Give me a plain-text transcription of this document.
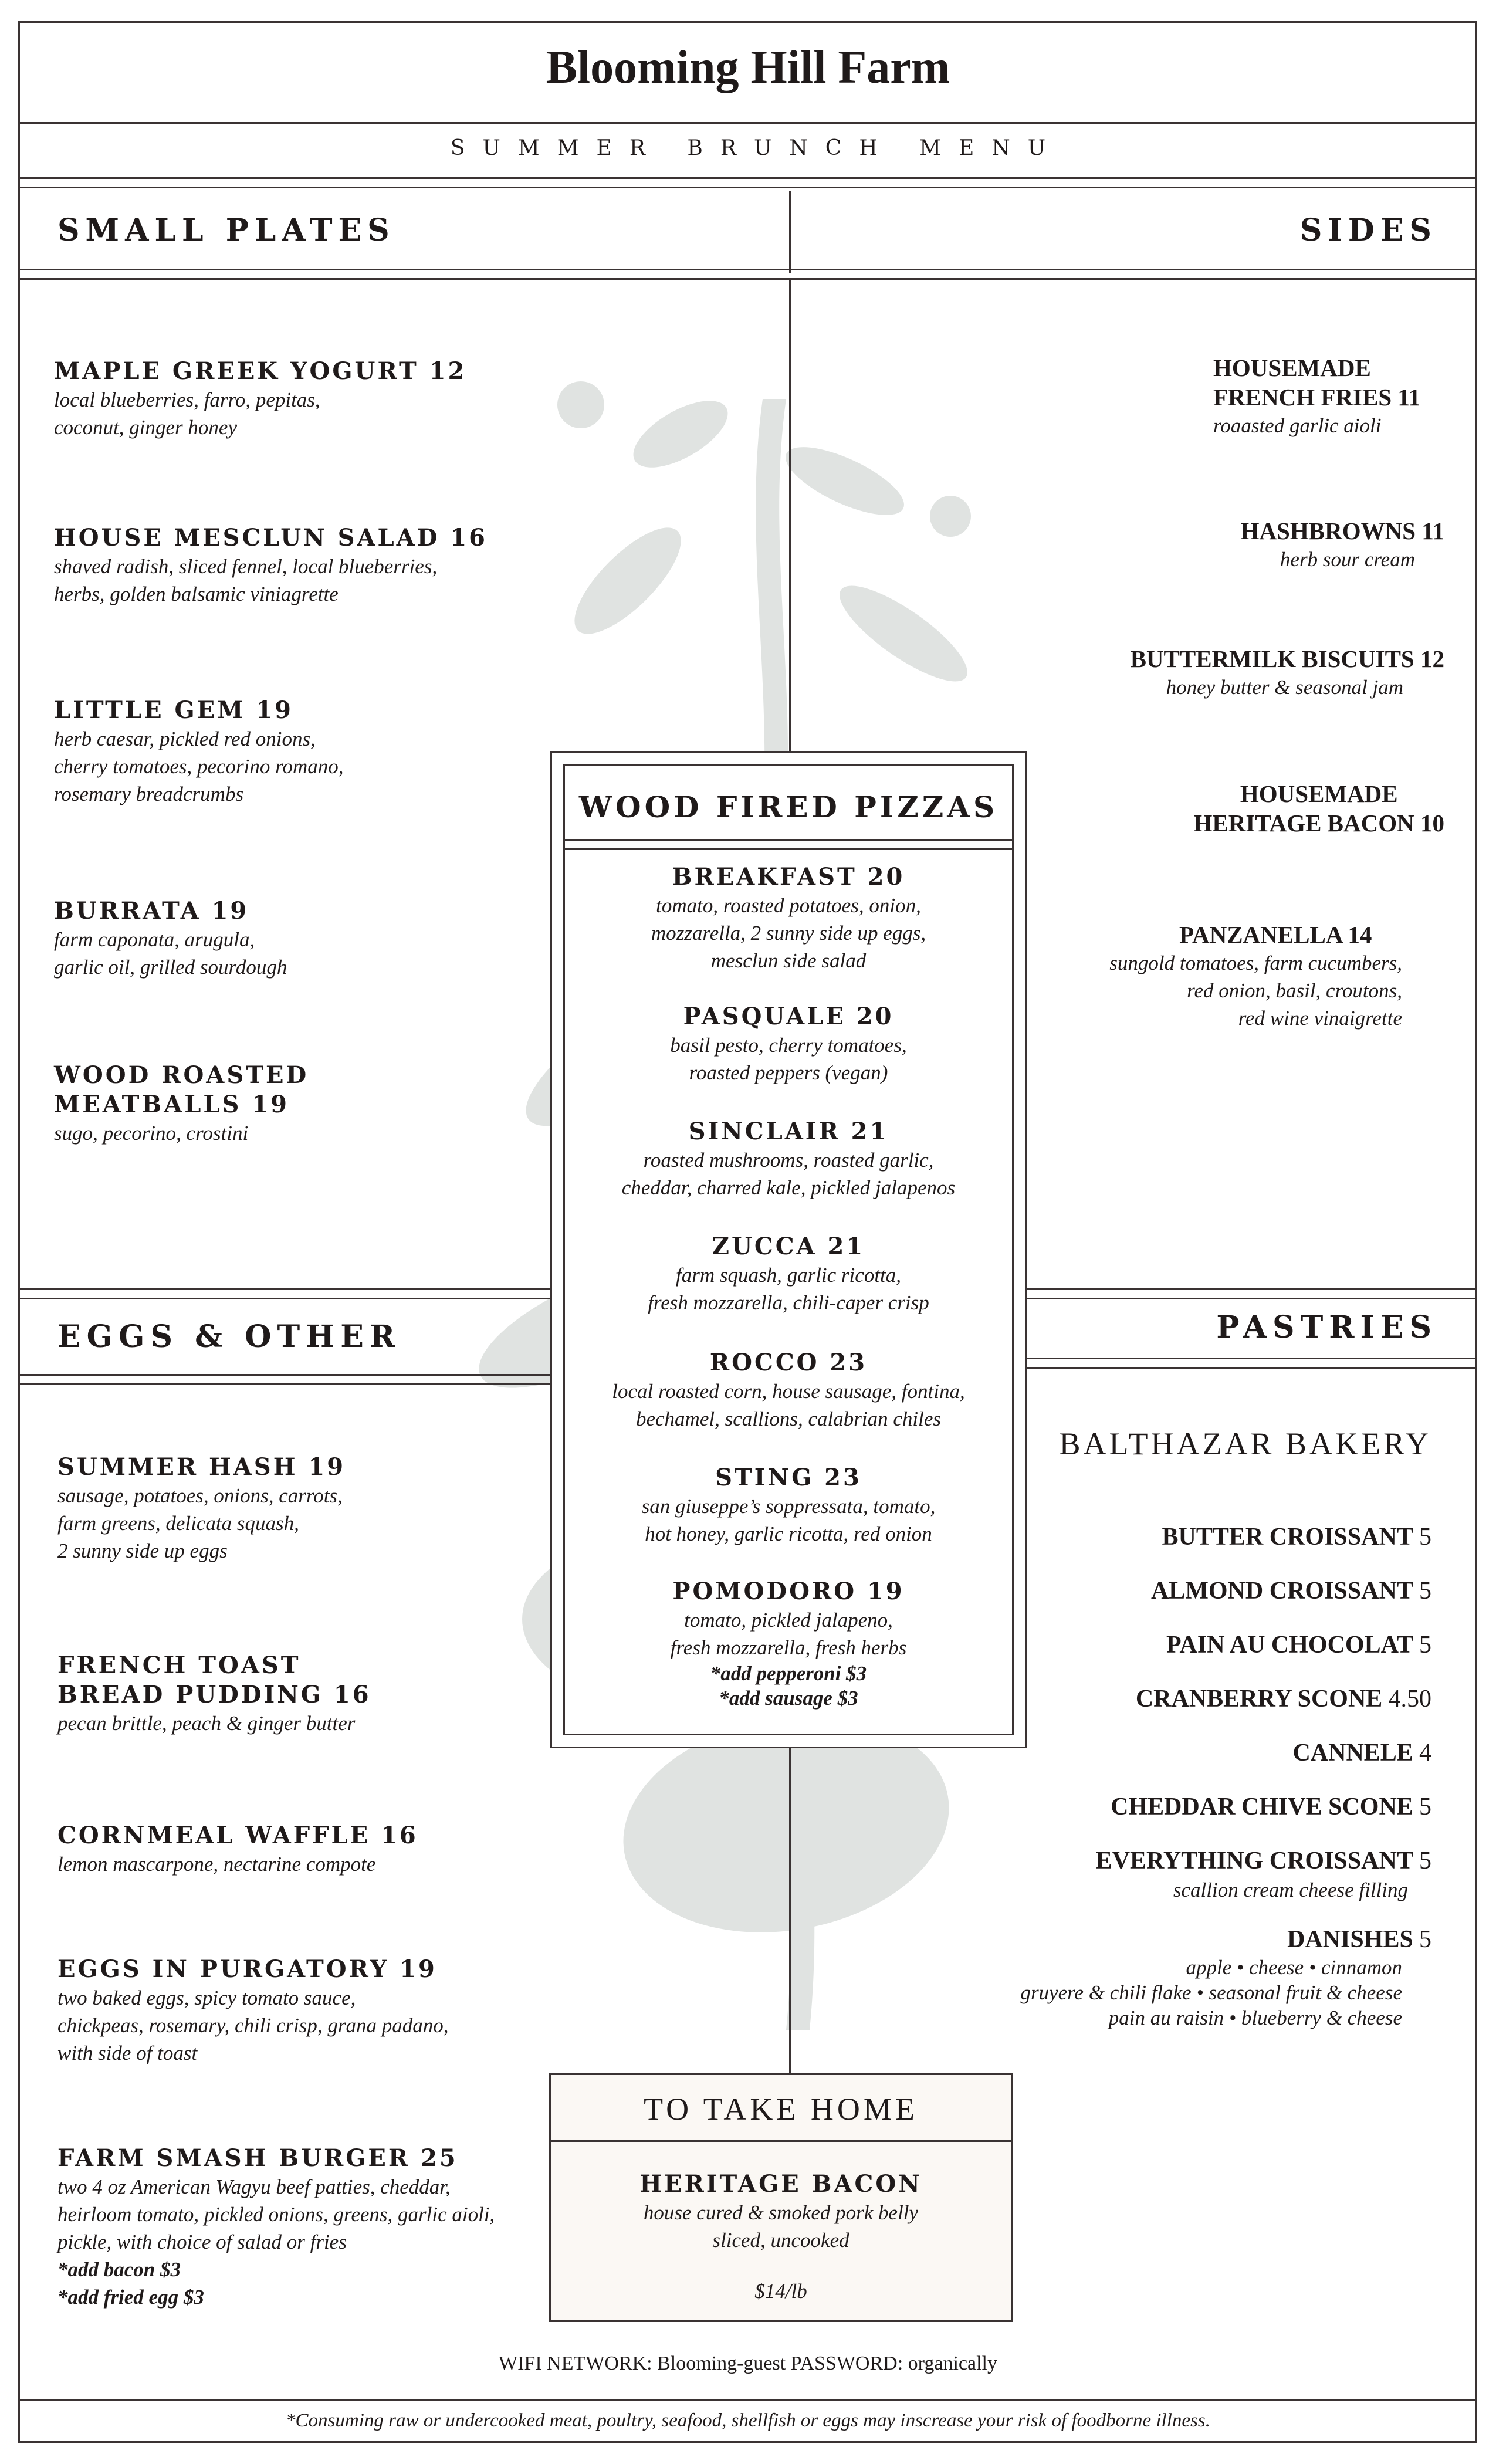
Blooming Hill Farm
SUMMER BRUNCH MENU
SMALL PLATES	SIDES
MAPLE GREEK YOGURT 12
local blueberries, farro, pepitas,
coconut, ginger honey
HOUSE MESCLUN SALAD 16
shaved radish, sliced fennel, local blueberries,
herbs, golden balsamic viniagrette
LITTLE GEM 19
herb caesar, pickled red onions,
cherry tomatoes, pecorino romano,
rosemary breadcrumbs
BURRATA 19
farm caponata, arugula,
garlic oil, grilled sourdough
WOOD ROASTED
MEATBALLS 19
sugo, pecorino, crostini
HOUSEMADE
FRENCH FRIES 11
roaasted garlic aioli
HASHBROWNS 11
herb sour cream
BUTTERMILK BISCUITS 12
honey butter & seasonal jam
HOUSEMADE
HERITAGE BACON 10
PANZANELLA 14
sungold tomatoes, farm cucumbers,
red onion, basil, croutons,
red wine vinaigrette
EGGS & OTHER	PASTRIES
SUMMER HASH 19
sausage, potatoes, onions, carrots,
farm greens, delicata squash,
2 sunny side up eggs
FRENCH TOAST
BREAD PUDDING 16
pecan brittle, peach & ginger butter
CORNMEAL WAFFLE 16
lemon mascarpone, nectarine compote
EGGS IN PURGATORY 19
two baked eggs, spicy tomato sauce,
chickpeas, rosemary, chili crisp, grana padano,
with side of toast
FARM SMASH BURGER 25
two 4 oz American Wagyu beef patties, cheddar,
heirloom tomato, pickled onions, greens, garlic aioli,
pickle, with choice of salad or fries
*add bacon $3
*add fried egg $3
BALTHAZAR BAKERY
BUTTER CROISSANT 5
ALMOND CROISSANT 5
PAIN AU CHOCOLAT 5
CRANBERRY SCONE 4.50
CANNELE 4
CHEDDAR CHIVE SCONE 5
EVERYTHING CROISSANT 5
scallion cream cheese filling
DANISHES 5
apple • cheese • cinnamon
gruyere & chili flake • seasonal fruit & cheese
pain au raisin • blueberry & cheese
WOOD FIRED PIZZAS
BREAKFAST 20
tomato, roasted potatoes, onion,
mozzarella, 2 sunny side up eggs,
mesclun side salad
PASQUALE 20
basil pesto, cherry tomatoes,
roasted peppers (vegan)
SINCLAIR 21
roasted mushrooms, roasted garlic,
cheddar, charred kale, pickled jalapenos
ZUCCA 21
farm squash, garlic ricotta,
fresh mozzarella, chili-caper crisp
ROCCO 23
local roasted corn, house sausage, fontina,
bechamel, scallions, calabrian chiles
STING 23
san giuseppe’s soppressata, tomato,
hot honey, garlic ricotta, red onion
POMODORO 19
tomato, pickled jalapeno,
fresh mozzarella, fresh herbs
*add pepperoni $3
*add sausage $3
TO TAKE HOME
HERITAGE BACON
house cured & smoked pork belly
sliced, uncooked
$14/lb
WIFI NETWORK: Blooming-guest PASSWORD: organically
*Consuming raw or undercooked meat, poultry, seafood, shellfish or eggs may inscrease your risk of foodborne illness.
